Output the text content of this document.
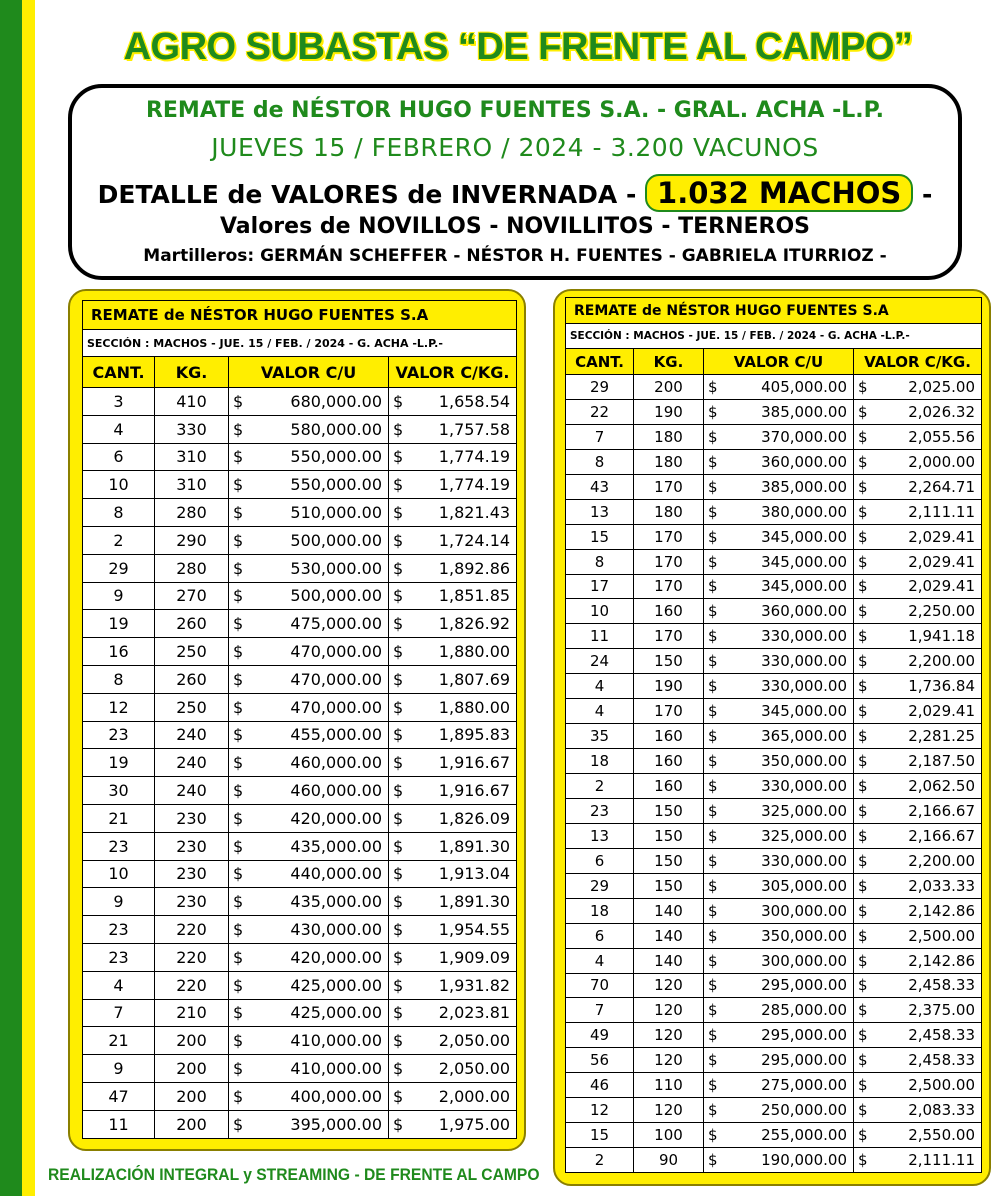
AGRO SUBASTAS “DE FRENTE AL CAMPO”
REMATE de NÉSTOR HUGO FUENTES S.A. - GRAL. ACHA -L.P.
JUEVES 15 / FEBRERO / 2024 - 3.200 VACUNOS
DETALLE de VALORES de INVERNADA - 1.032 MACHOS -
Valores de NOVILLOS - NOVILLITOS - TERNEROS
Martilleros: GERMÁN SCHEFFER - NÉSTOR H. FUENTES - GABRIELA ITURRIOZ -
REMATE de NÉSTOR HUGO FUENTES S.A			
SECCIÓN : MACHOS - JUE. 15 / FEB. / 2024 - G. ACHA -L.P.-			
CANT.	KG.	VALOR C/U	VALOR C/KG.
3	410	$ 680,000.00	$ 1,658.54

4	330	$ 580,000.00	$ 1,757.58

6	310	$ 550,000.00	$ 1,774.19

10	310	$ 550,000.00	$ 1,774.19

8	280	$ 510,000.00	$ 1,821.43

2	290	$ 500,000.00	$ 1,724.14

29	280	$ 530,000.00	$ 1,892.86

9	270	$ 500,000.00	$ 1,851.85

19	260	$ 475,000.00	$ 1,826.92

16	250	$ 470,000.00	$ 1,880.00

8	260	$ 470,000.00	$ 1,807.69

12	250	$ 470,000.00	$ 1,880.00

23	240	$ 455,000.00	$ 1,895.83

19	240	$ 460,000.00	$ 1,916.67

30	240	$ 460,000.00	$ 1,916.67

21	230	$ 420,000.00	$ 1,826.09

23	230	$ 435,000.00	$ 1,891.30

10	230	$ 440,000.00	$ 1,913.04

9	230	$ 435,000.00	$ 1,891.30

23	220	$ 430,000.00	$ 1,954.55

23	220	$ 420,000.00	$ 1,909.09

4	220	$ 425,000.00	$ 1,931.82

7	210	$ 425,000.00	$ 2,023.81

21	200	$ 410,000.00	$ 2,050.00

9	200	$ 410,000.00	$ 2,050.00

47	200	$ 400,000.00	$ 2,000.00

11	200	$ 395,000.00	$ 1,975.00
REMATE de NÉSTOR HUGO FUENTES S.A			
SECCIÓN : MACHOS - JUE. 15 / FEB. / 2024 - G. ACHA -L.P.-			
CANT.	KG.	VALOR C/U	VALOR C/KG.
29	200	$ 405,000.00	$ 2,025.00

22	190	$ 385,000.00	$ 2,026.32

7	180	$ 370,000.00	$ 2,055.56

8	180	$ 360,000.00	$ 2,000.00

43	170	$ 385,000.00	$ 2,264.71

13	180	$ 380,000.00	$ 2,111.11

15	170	$ 345,000.00	$ 2,029.41

8	170	$ 345,000.00	$ 2,029.41

17	170	$ 345,000.00	$ 2,029.41

10	160	$ 360,000.00	$ 2,250.00

11	170	$ 330,000.00	$ 1,941.18

24	150	$ 330,000.00	$ 2,200.00

4	190	$ 330,000.00	$ 1,736.84

4	170	$ 345,000.00	$ 2,029.41

35	160	$ 365,000.00	$ 2,281.25

18	160	$ 350,000.00	$ 2,187.50

2	160	$ 330,000.00	$ 2,062.50

23	150	$ 325,000.00	$ 2,166.67

13	150	$ 325,000.00	$ 2,166.67

6	150	$ 330,000.00	$ 2,200.00

29	150	$ 305,000.00	$ 2,033.33

18	140	$ 300,000.00	$ 2,142.86

6	140	$ 350,000.00	$ 2,500.00

4	140	$ 300,000.00	$ 2,142.86

70	120	$ 295,000.00	$ 2,458.33

7	120	$ 285,000.00	$ 2,375.00

49	120	$ 295,000.00	$ 2,458.33

56	120	$ 295,000.00	$ 2,458.33

46	110	$ 275,000.00	$ 2,500.00

12	120	$ 250,000.00	$ 2,083.33

15	100	$ 255,000.00	$ 2,550.00

2	90	$ 190,000.00	$ 2,111.11
REALIZACIÓN INTEGRAL y STREAMING - DE FRENTE AL CAMPO
